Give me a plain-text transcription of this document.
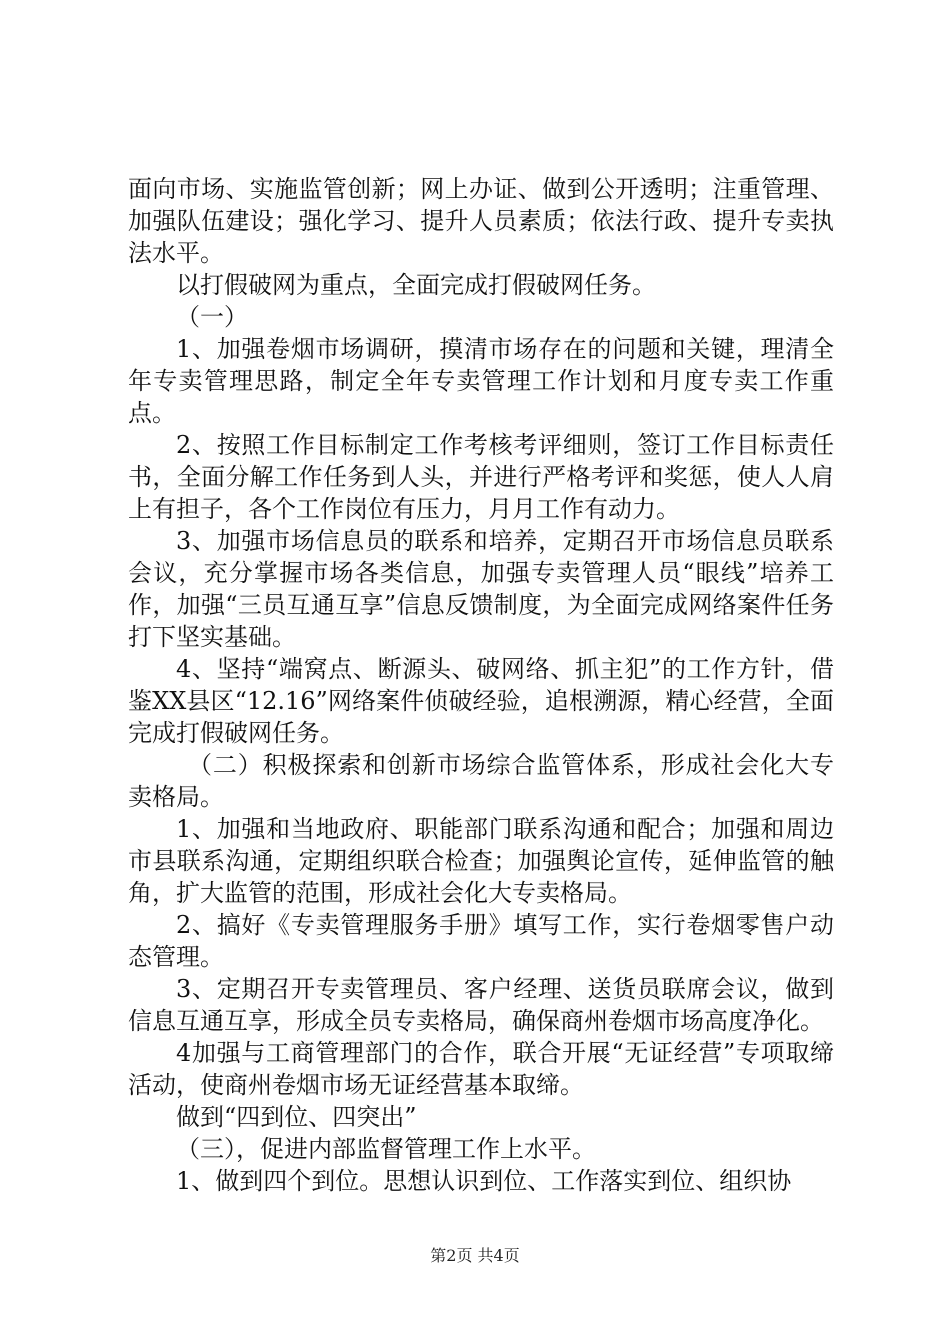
面向市场、实施监管创新；网上办证、做到公开透明；注重管理、加强队伍建设；强化学习、提升人员素质；依法行政、提升专卖执法水平。

以打假破网为重点，全面完成打假破网任务。

（一）

1、加强卷烟市场调研，摸清市场存在的问题和关键，理清全年专卖管理思路，制定全年专卖管理工作计划和月度专卖工作重点。

2、按照工作目标制定工作考核考评细则，签订工作目标责任书，全面分解工作任务到人头，并进行严格考评和奖惩，使人人肩上有担子，各个工作岗位有压力，月月工作有动力。

3、加强市场信息员的联系和培养，定期召开市场信息员联系会议，充分掌握市场各类信息，加强专卖管理人员“眼线”培养工作，加强“三员互通互享”信息反馈制度，为全面完成网络案件任务打下坚实基础。

4、坚持“端窝点、断源头、破网络、抓主犯”的工作方针，借鉴XX县区“12.16”网络案件侦破经验，追根溯源，精心经营，全面完成打假破网任务。

（二）积极探索和创新市场综合监管体系，形成社会化大专卖格局。

1、加强和当地政府、职能部门联系沟通和配合；加强和周边市县联系沟通，定期组织联合检查；加强舆论宣传，延伸监管的触角，扩大监管的范围，形成社会化大专卖格局。

2、搞好《专卖管理服务手册》填写工作，实行卷烟零售户动态管理。

3、定期召开专卖管理员、客户经理、送货员联席会议，做到信息互通互享，形成全员专卖格局，确保商州卷烟市场高度净化。

4加强与工商管理部门的合作，联合开展“无证经营”专项取缔活动，使商州卷烟市场无证经营基本取缔。

做到“四到位、四突出”

（三），促进内部监督管理工作上水平。

1、做到四个到位。思想认识到位、工作落实到位、组织协

第2页 共4页
